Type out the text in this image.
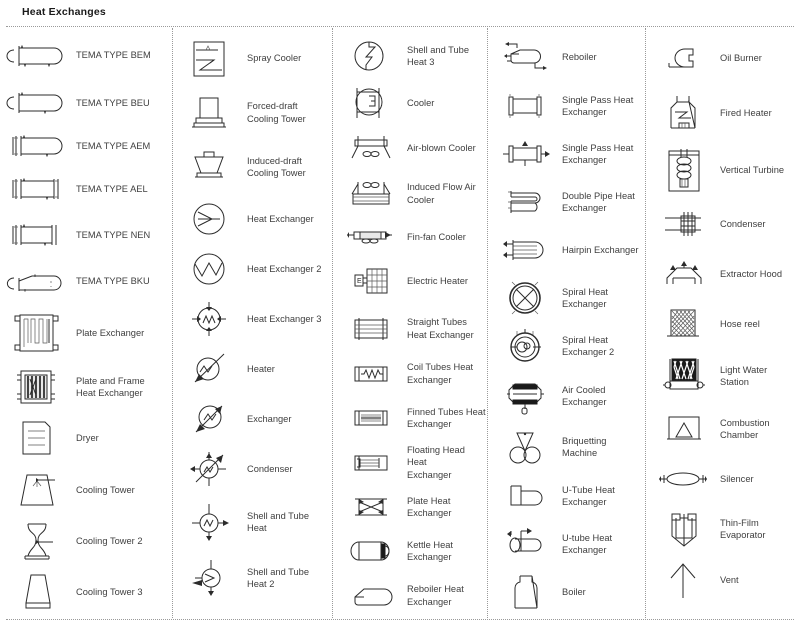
Heat Exchanges
TEMA TYPE BEM
TEMA TYPE BEU
TEMA TYPE AEM
TEMA TYPE AEL
TEMA TYPE NEN
TEMA TYPE BKU
Plate Exchanger
Plate and Frame
Heat Exchanger
Dryer
Cooling Tower
Cooling Tower 2
Cooling Tower 3
Spray Cooler
Forced-draft
Cooling Tower
Induced-draft
Cooling Tower
Heat Exchanger
Heat Exchanger 2
Heat Exchanger 3
Heater
Exchanger
Condenser
Shell and Tube
Heat
Shell and Tube
Heat 2
Shell and Tube
Heat 3
Cooler
Air-blown Cooler
Induced Flow Air
Cooler
Fin-fan Cooler
E	Electric Heater
Straight Tubes
Heat Exchanger
Coil Tubes Heat
Exchanger
Finned Tubes Heat
Exchanger
Floating Head Heat
Exchanger
Plate Heat
Exchanger
Kettle Heat
Exchanger
Reboiler Heat
Exchanger
Reboiler
Single Pass Heat
Exchanger
Single Pass Heat
Exchanger
Double Pipe Heat
Exchanger
Hairpin Exchanger
Spiral Heat
Exchanger
Spiral Heat
Exchanger 2
Air Cooled
Exchanger
Briquetting
Machine
U-Tube Heat
Exchanger
U-tube Heat
Exchanger
Boiler
Oil Burner
Fired Heater
Vertical Turbine
Condenser
Extractor Hood
Hose reel
Light Water
Station
Combustion
Chamber
Silencer
Thin-Film
Evaporator
Vent
